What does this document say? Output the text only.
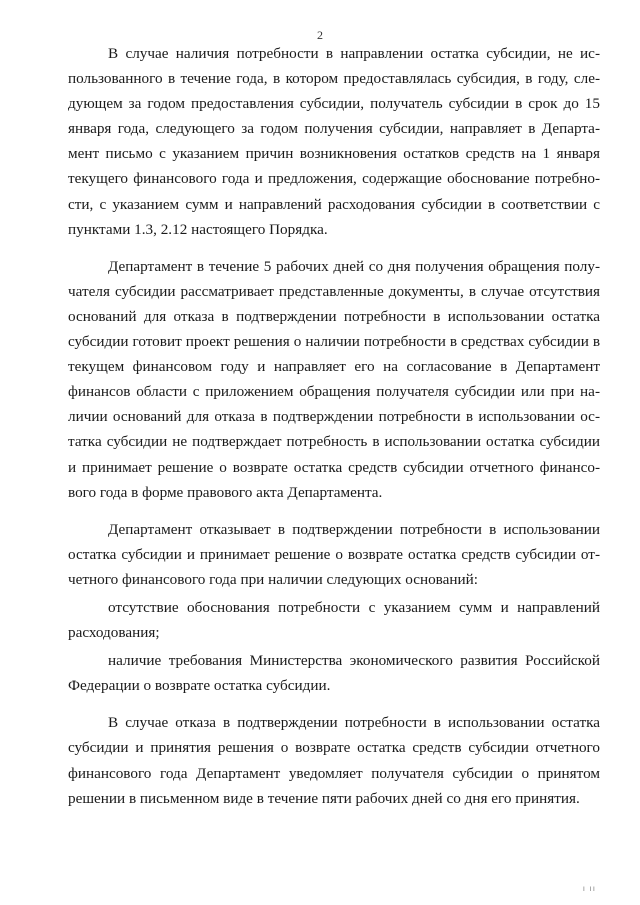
2

В случае наличия потребности в направлении остатка субсидии, не использованного в течение года, в котором предоставлялась субсидия, в году, следующем за годом предоставления субсидии, получатель субсидии в срок до 15 января года, следующего за годом получения субсидии, направляет в Департамент письмо с указанием причин возникновения остатков средств на 1 января текущего финансового года и предложения, содержащие обоснование потребности, с указанием сумм и направлений расходования субсидии в соответствии с пунктами 1.3, 2.12 настоящего Порядка.

Департамент в течение 5 рабочих дней со дня получения обращения получателя субсидии рассматривает представленные документы, в случае отсутствия оснований для отказа в подтверждении потребности в использовании остатка субсидии готовит проект решения о наличии потребности в средствах субсидии в текущем финансовом году и направляет его на согласование в Департамент финансов области с приложением обращения получателя субсидии или при наличии оснований для отказа в подтверждении потребности в использовании остатка субсидии не подтверждает потребность в использовании остатка субсидии и принимает решение о возврате остатка средств субсидии отчетного финансового года в форме правового акта Департамента.

Департамент отказывает в подтверждении потребности в использовании остатка субсидии и принимает решение о возврате остатка средств субсидии отчетного финансового года при наличии следующих оснований:

отсутствие обоснования потребности с указанием сумм и направлений расходования;

наличие требования Министерства экономического развития Российской Федерации о возврате остатка субсидии.

В случае отказа в подтверждении потребности в использовании остатка субсидии и принятия решения о возврате остатка средств субсидии отчетного финансового года Департамент уведомляет получателя субсидии о принятом решении в письменном виде в течение пяти рабочих дней со дня его принятия.

ı ıı
